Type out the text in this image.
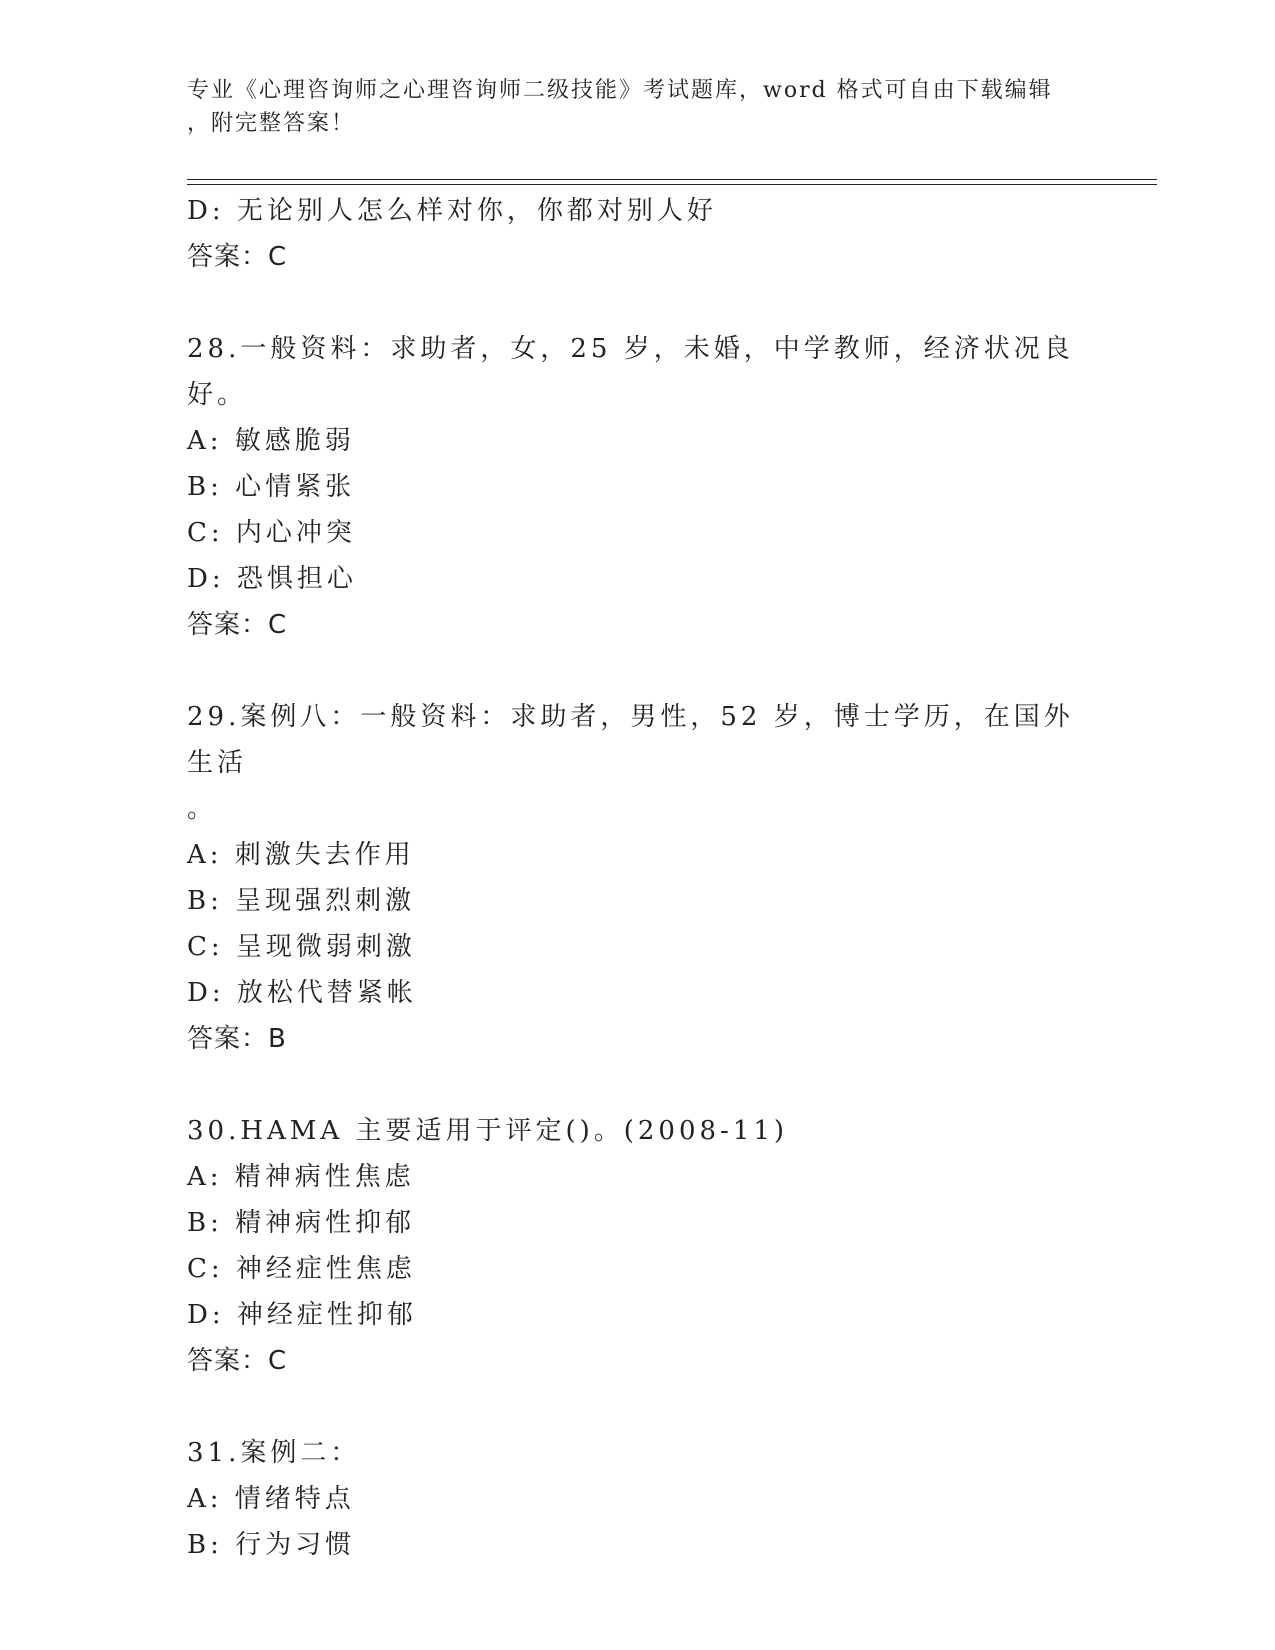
专业《心理咨询师之心理咨询师二级技能》考试题库，word 格式可自由下载编辑
，附完整答案！
D: 无论别人怎么样对你，你都对别人好
答案：C
28.一般资料：求助者，女，25 岁，未婚，中学教师，经济状况良好。
A: 敏感脆弱
B: 心情紧张
C: 内心冲突
D: 恐惧担心
答案：C
29.案例八：一般资料：求助者，男性，52 岁，博士学历，在国外生活
。
A: 刺激失去作用
B: 呈现强烈刺激
C: 呈现微弱刺激
D: 放松代替紧帐
答案：B
30.HAMA 主要适用于评定()。(2008-11)
A: 精神病性焦虑
B: 精神病性抑郁
C: 神经症性焦虑
D: 神经症性抑郁
答案：C
31.案例二：
A: 情绪特点
B: 行为习惯
